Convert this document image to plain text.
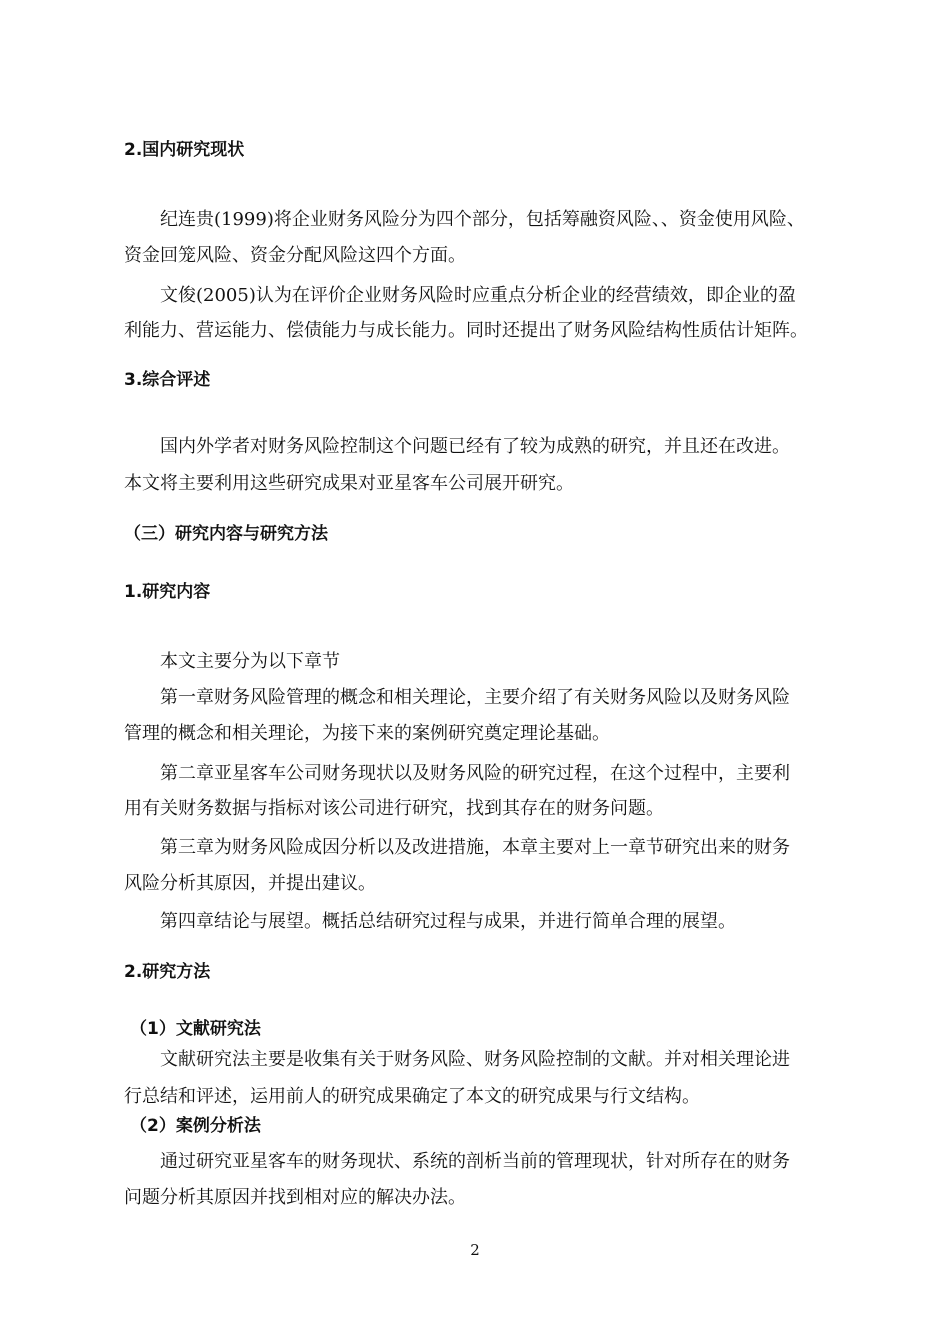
2.国内研究现状
纪连贵(1999)将企业财务风险分为四个部分，包括筹融资风险、、资金使用风险、
资金回笼风险、资金分配风险这四个方面。
文俊(2005)认为在评价企业财务风险时应重点分析企业的经营绩效，即企业的盈
利能力、营运能力、偿债能力与成长能力。同时还提出了财务风险结构性质估计矩阵。
3.综合评述
国内外学者对财务风险控制这个问题已经有了较为成熟的研究，并且还在改进。
本文将主要利用这些研究成果对亚星客车公司展开研究。
（三）研究内容与研究方法
1.研究内容
本文主要分为以下章节
第一章财务风险管理的概念和相关理论，主要介绍了有关财务风险以及财务风险
管理的概念和相关理论，为接下来的案例研究奠定理论基础。
第二章亚星客车公司财务现状以及财务风险的研究过程，在这个过程中，主要利
用有关财务数据与指标对该公司进行研究，找到其存在的财务问题。
第三章为财务风险成因分析以及改进措施，本章主要对上一章节研究出来的财务
风险分析其原因，并提出建议。
第四章结论与展望。概括总结研究过程与成果，并进行简单合理的展望。
2.研究方法
（1）文献研究法
文献研究法主要是收集有关于财务风险、财务风险控制的文献。并对相关理论进
行总结和评述，运用前人的研究成果确定了本文的研究成果与行文结构。
（2）案例分析法
通过研究亚星客车的财务现状、系统的剖析当前的管理现状，针对所存在的财务
问题分析其原因并找到相对应的解决办法。
2
